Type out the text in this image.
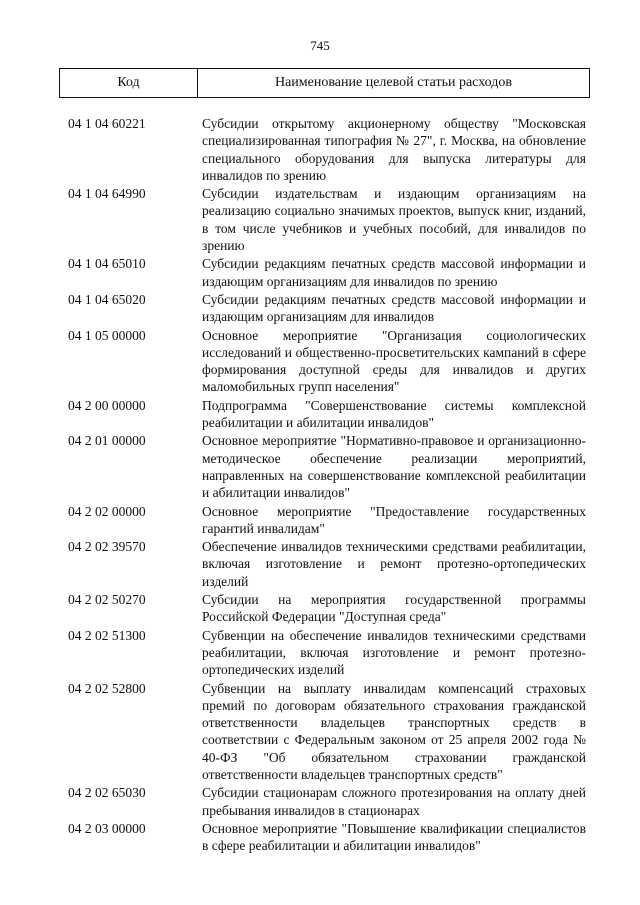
745
Код	Наименование целевой статьи расходов
04 1 04 60221	Субсидии открытому акционерному обществу "Московская специализированная типография № 27", г. Москва, на обновление специального оборудования для выпуска литературы для инвалидов по зрению
04 1 04 64990	Субсидии издательствам и издающим организациям на реализацию социально значимых проектов, выпуск книг, изданий, в том числе учебников и учебных пособий, для инвалидов по зрению
04 1 04 65010	Субсидии редакциям печатных средств массовой информации и издающим организациям для инвалидов по зрению
04 1 04 65020	Субсидии редакциям печатных средств массовой информации и издающим организациям для инвалидов
04 1 05 00000	Основное мероприятие "Организация социологических исследований и общественно-просветительских кампаний в сфере формирования доступной среды для инвалидов и других маломобильных групп населения"
04 2 00 00000	Подпрограмма "Совершенствование системы комплексной реабилитации и абилитации инвалидов"
04 2 01 00000	Основное мероприятие "Нормативно-правовое и организационно-методическое обеспечение реализации мероприятий, направленных на совершенствование комплексной реабилитации и абилитации инвалидов"
04 2 02 00000	Основное мероприятие "Предоставление государственных гарантий инвалидам"
04 2 02 39570	Обеспечение инвалидов техническими средствами реабилитации, включая изготовление и ремонт протезно-ортопедических изделий
04 2 02 50270	Субсидии на мероприятия государственной программы Российской Федерации "Доступная среда"
04 2 02 51300	Субвенции на обеспечение инвалидов техническими средствами реабилитации, включая изготовление и ремонт протезно-ортопедических изделий
04 2 02 52800	Субвенции на выплату инвалидам компенсаций страховых премий по договорам обязательного страхования гражданской ответственности владельцев транспортных средств в соответствии с Федеральным законом от 25 апреля 2002 года № 40-ФЗ "Об обязательном страховании гражданской ответственности владельцев транспортных средств"
04 2 02 65030	Субсидии стационарам сложного протезирования на оплату дней пребывания инвалидов в стационарах
04 2 03 00000	Основное мероприятие "Повышение квалификации специалистов в сфере реабилитации и абилитации инвалидов"
